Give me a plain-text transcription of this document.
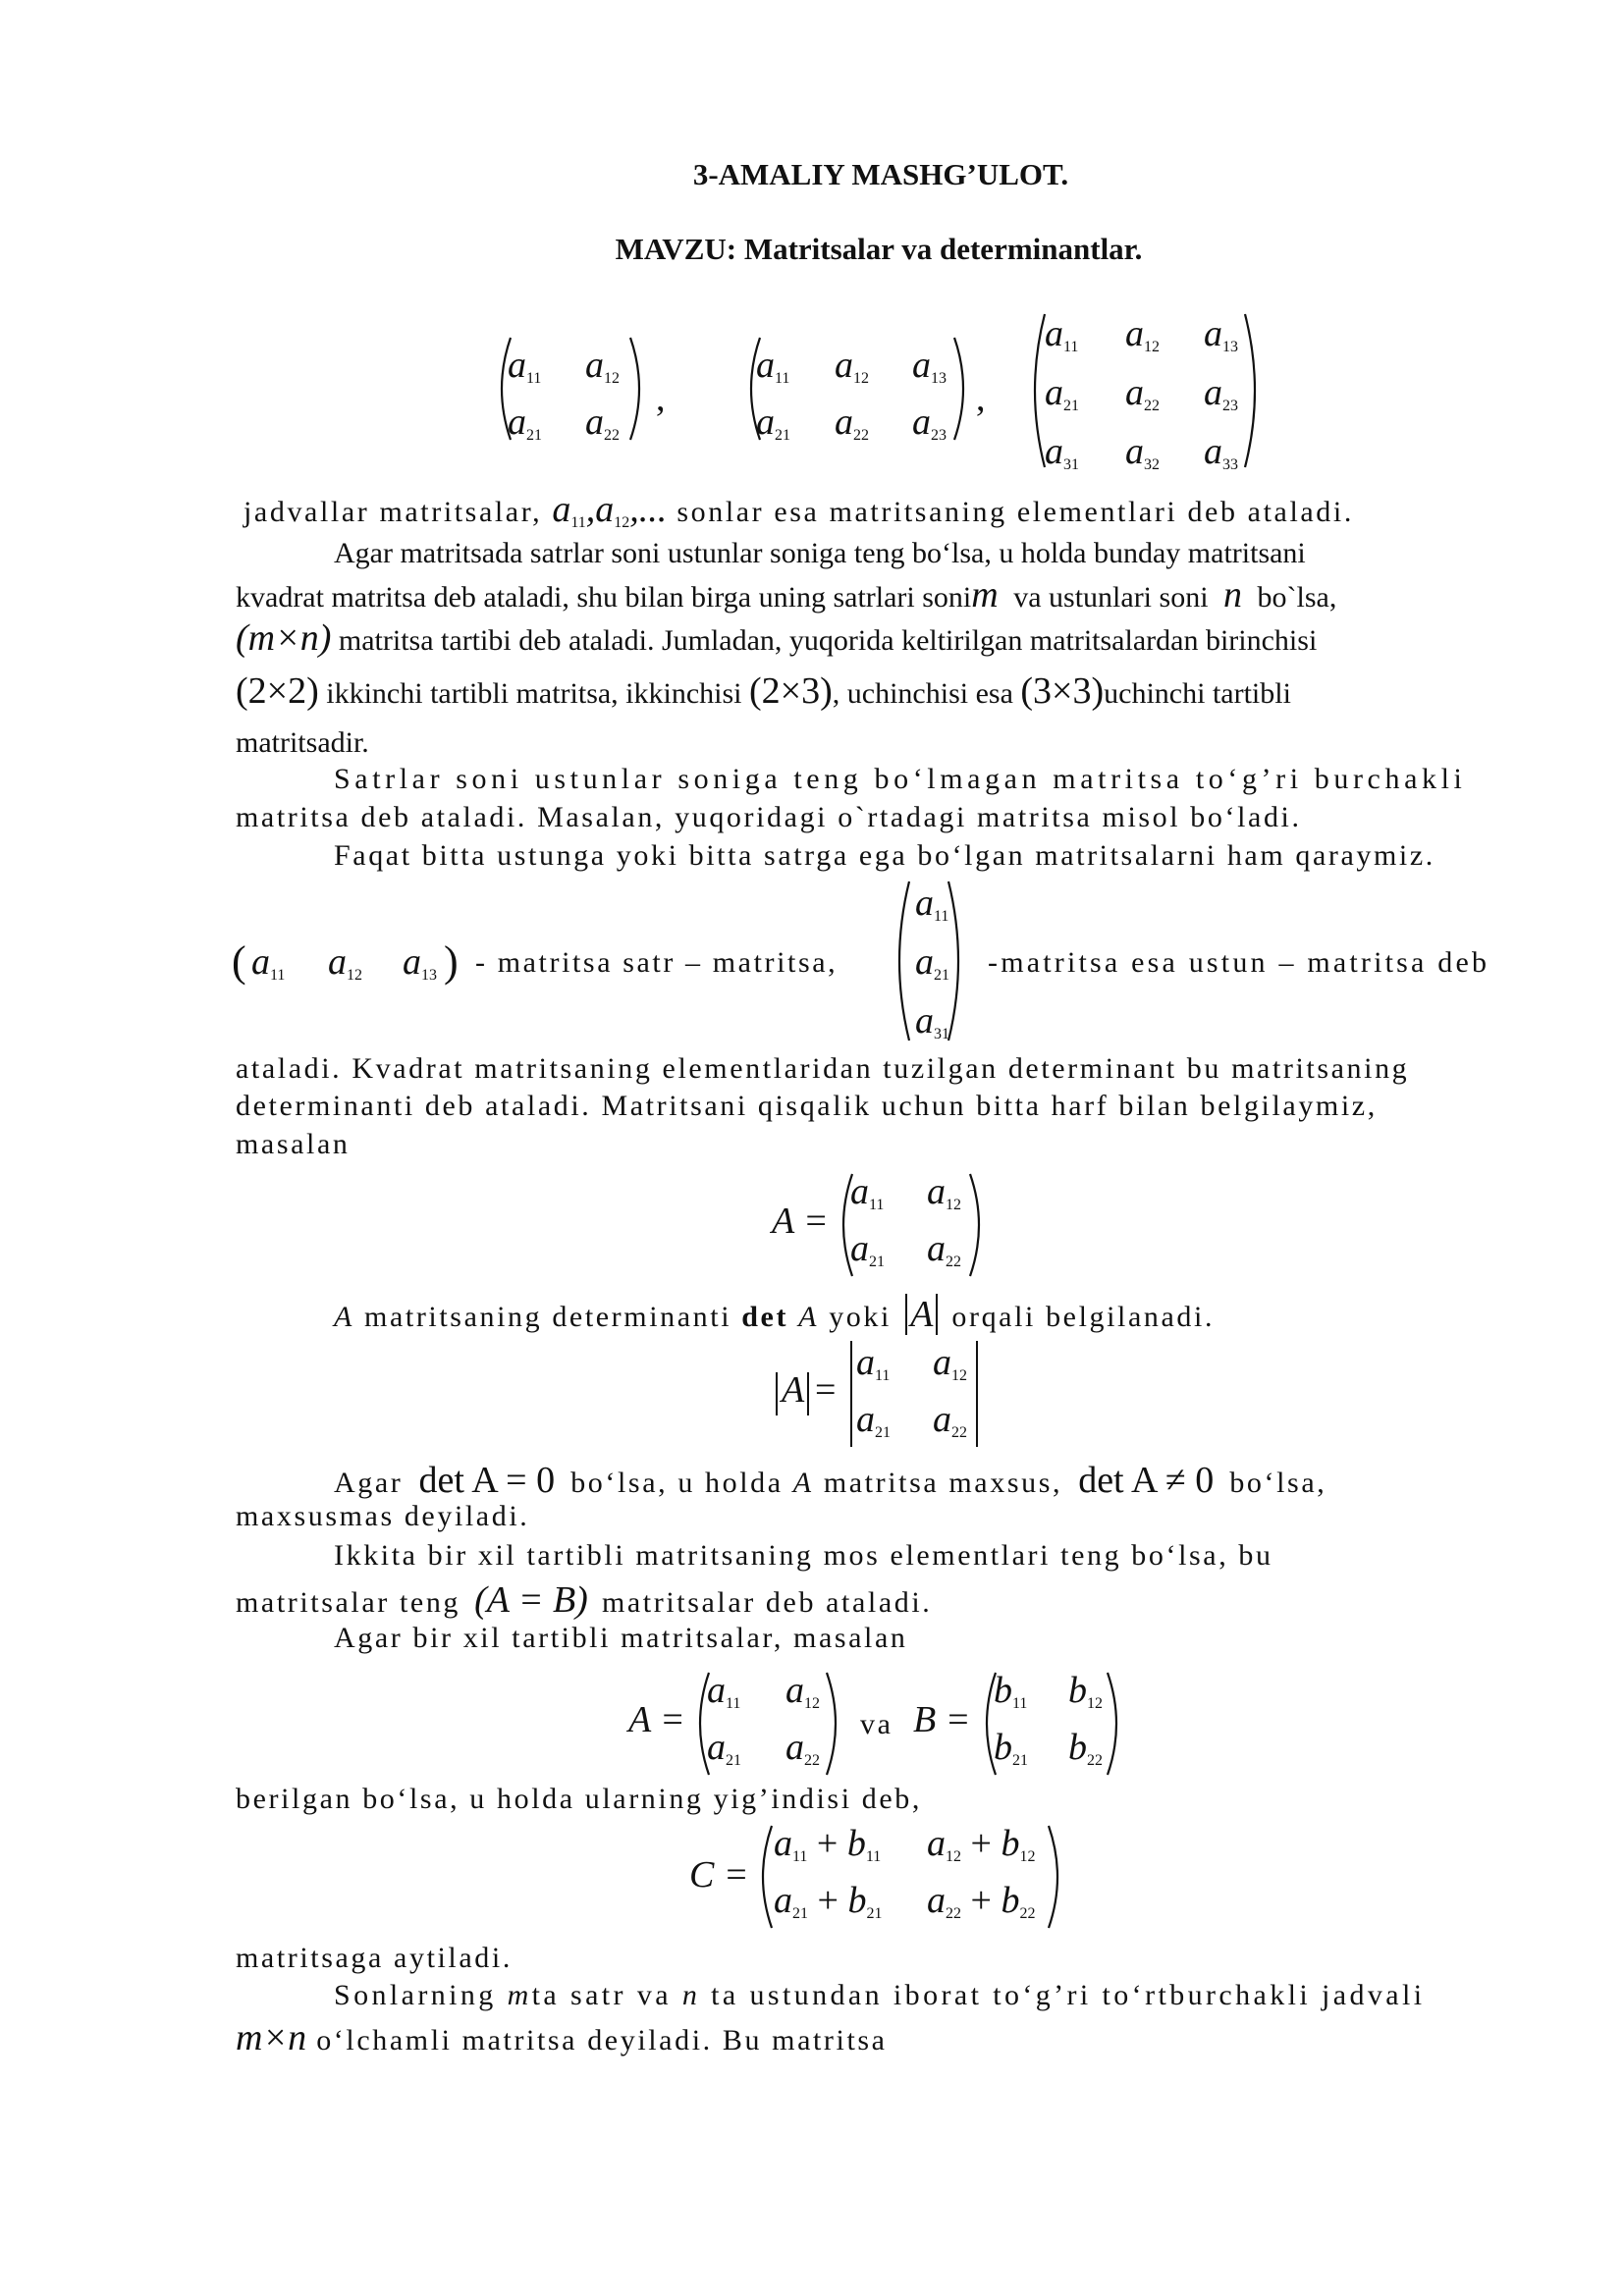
3-AMALIY MASHG’ULOT.
MAVZU: Matritsalar va determinantlar.
$a_{11}$ $a_{12}$
$a_{21}$ $a_{22}$
,
$a_{11}$ $a_{12}$ $a_{13}$
$a_{21}$ $a_{22}$ $a_{23}$
,
$a_{11}$ $a_{12}$ $a_{13}$
$a_{21}$ $a_{22}$ $a_{23}$
$a_{31}$ $a_{32}$ $a_{33}$
jadvallar matritsalar, $a_{11},a_{12}$,... sonlar esa matritsaning elementlari deb ataladi.
Agar matritsada satrlar soni ustunlar soniga teng bo‘lsa, u holda bunday matritsani
kvadrat matritsa deb ataladi, shu bilan birga uning satrlari sonim va ustunlari soni n bo`lsa,
(m×n) matritsa tartibi deb ataladi. Jumladan, yuqorida keltirilgan matritsalardan birinchisi
(2×2) ikkinchi tartibli matritsa, ikkinchisi (2×3), uchinchisi esa (3×3)uchinchi tartibli
matritsadir.
Satrlar soni ustunlar soniga teng bo‘lmagan matritsa to‘g’ri burchakli
matritsa deb ataladi. Masalan, yuqoridagi o`rtadagi matritsa misol bo‘ladi.
Faqat bitta ustunga yoki bitta satrga ega bo‘lgan matritsalarni ham qaraymiz.
( $a_{11}$ $a_{12}$ $a_{13}$ ) - matritsa satr – matritsa,
$a_{11}$
$a_{21}$
$a_{31}$
-matritsa esa ustun – matritsa deb
ataladi. Kvadrat matritsaning elementlaridan tuzilgan determinant bu matritsaning
determinanti deb ataladi. Matritsani qisqalik uchun bitta harf bilan belgilaymiz,
masalan
A =
$a_{11}$ $a_{12}$
$a_{21}$ $a_{22}$
A matritsaning determinanti det A yoki A orqali belgilanadi.
A =
$a_{11}$ $a_{12}$
$a_{21}$ $a_{22}$
Agar det A = 0 bo‘lsa, u holda A matritsa maxsus, det A ≠ 0 bo‘lsa,
maxsusmas deyiladi.
Ikkita bir xil tartibli matritsaning mos elementlari teng bo‘lsa, bu
matritsalar teng (A = B) matritsalar deb ataladi.
Agar bir xil tartibli matritsalar, masalan
A =
$a_{11}$ $a_{12}$
$a_{21}$ $a_{22}$
va B =
$b_{11}$ $b_{12}$
$b_{21}$ $b_{22}$
berilgan bo‘lsa, u holda ularning yig’indisi deb,
C =
$a_{11} + b_{11}$ $a_{12} + b_{12}$
$a_{21} + b_{21}$ $a_{22} + b_{22}$
matritsaga aytiladi.
Sonlarning mta satr va n ta ustundan iborat to‘g’ri to‘rtburchakli jadvali
m×n o‘lchamli matritsa deyiladi. Bu matritsa
